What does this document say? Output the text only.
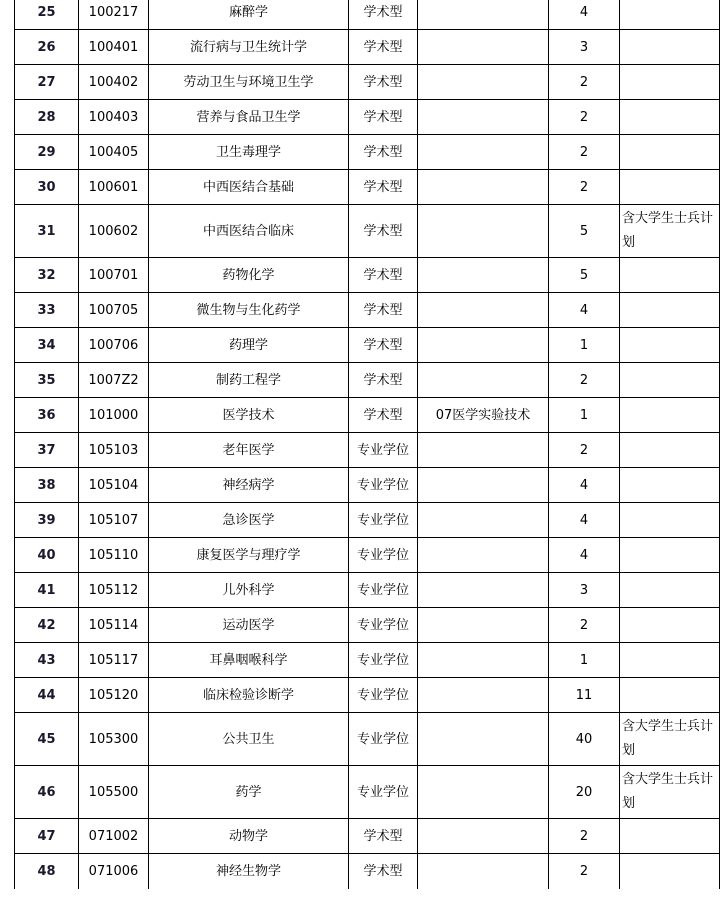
25	100217	麻醉学	学术型		4	
26	100401	流行病与卫生统计学	学术型		3	
27	100402	劳动卫生与环境卫生学	学术型		2	
28	100403	营养与食品卫生学	学术型		2	
29	100405	卫生毒理学	学术型		2	
30	100601	中西医结合基础	学术型		2	
31	100602	中西医结合临床	学术型		5	含大学生士兵计划
32	100701	药物化学	学术型		5	
33	100705	微生物与生化药学	学术型		4	
34	100706	药理学	学术型		1	
35	1007Z2	制药工程学	学术型		2	
36	101000	医学技术	学术型	07医学实验技术	1	
37	105103	老年医学	专业学位		2	
38	105104	神经病学	专业学位		4	
39	105107	急诊医学	专业学位		4	
40	105110	康复医学与理疗学	专业学位		4	
41	105112	儿外科学	专业学位		3	
42	105114	运动医学	专业学位		2	
43	105117	耳鼻咽喉科学	专业学位		1	
44	105120	临床检验诊断学	专业学位		11	
45	105300	公共卫生	专业学位		40	含大学生士兵计划
46	105500	药学	专业学位		20	含大学生士兵计划
47	071002	动物学	学术型		2	
48	071006	神经生物学	学术型		2	
